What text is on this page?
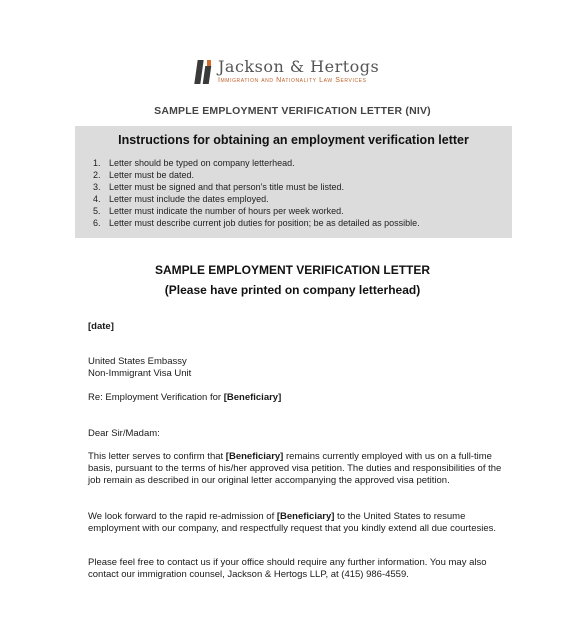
Jackson & Hertogs
Immigration and Nationality Law Services
SAMPLE EMPLOYMENT VERIFICATION LETTER (NIV)
Instructions for obtaining an employment verification letter
1. Letter should be typed on company letterhead.
2. Letter must be dated.
3. Letter must be signed and that person’s title must be listed.
4. Letter must include the dates employed.
5. Letter must indicate the number of hours per week worked.
6. Letter must describe current job duties for position; be as detailed as possible.
SAMPLE EMPLOYMENT VERIFICATION LETTER
(Please have printed on company letterhead)
[date]
United States Embassy
Non-Immigrant Visa Unit
Re: Employment Verification for [Beneficiary]
Dear Sir/Madam:
This letter serves to confirm that [Beneficiary] remains currently employed with us on a full-time basis, pursuant to the terms of his/her approved visa petition. The duties and responsibilities of the job remain as described in our original letter accompanying the approved visa petition.
We look forward to the rapid re-admission of [Beneficiary] to the United States to resume employment with our company, and respectfully request that you kindly extend all due courtesies.
Please feel free to contact us if your office should require any further information. You may also contact our immigration counsel, Jackson & Hertogs LLP, at (415) 986-4559.
